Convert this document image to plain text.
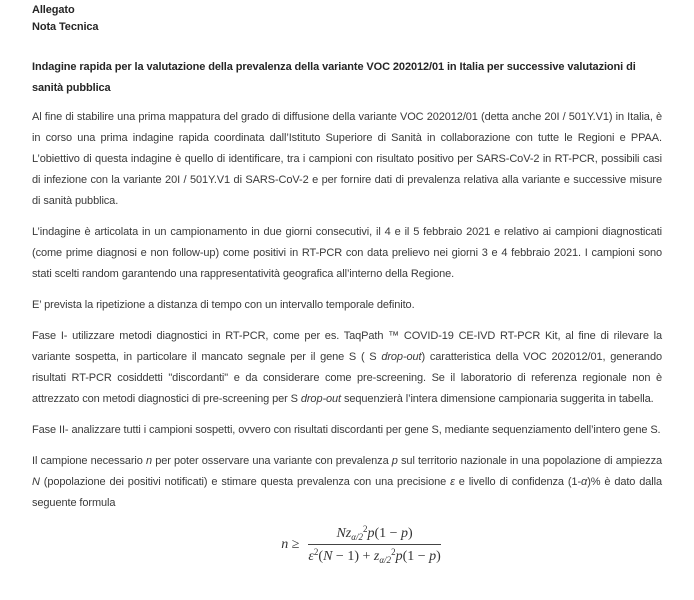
Allegato
Nota Tecnica
Indagine rapida per la valutazione della prevalenza della variante VOC 202012/01 in Italia per successive valutazioni di sanità pubblica
Al fine di stabilire una prima mappatura del grado di diffusione della variante VOC 202012/01 (detta anche 20I / 501Y.V1) in Italia, è in corso una prima indagine rapida coordinata dall’Istituto Superiore di Sanità in collaborazione con tutte le Regioni e PPAA. L’obiettivo di questa indagine è quello di identificare, tra i campioni con risultato positivo per SARS-CoV-2 in RT-PCR, possibili casi di infezione con la variante 20I / 501Y.V1 di SARS-CoV-2 e per fornire dati di prevalenza relativa alla variante e successive misure di sanità pubblica.
L’indagine è articolata in un campionamento in due giorni consecutivi, il 4 e il 5 febbraio 2021 e relativo ai campioni diagnosticati (come prime diagnosi e non follow-up) come positivi in RT-PCR con data prelievo nei giorni 3 e 4 febbraio 2021. I campioni sono stati scelti random garantendo una rappresentatività geografica all’interno della Regione.
E’ prevista la ripetizione a distanza di tempo con un intervallo temporale definito.
Fase I- utilizzare metodi diagnostici in RT-PCR, come per es. TaqPath ™ COVID-19 CE-IVD RT-PCR Kit, al fine di rilevare la variante sospetta, in particolare il mancato segnale per il gene S ( S drop-out) caratteristica della VOC 202012/01, generando risultati RT-PCR cosiddetti "discordanti" e da considerare come pre-screening. Se il laboratorio di referenza regionale non è attrezzato con metodi diagnostici di pre-screening per S drop-out sequenzierà l’intera dimensione campionaria suggerita in tabella.
Fase II- analizzare tutti i campioni sospetti, ovvero con risultati discordanti per gene S, mediante sequenziamento dell’intero gene S.
Il campione necessario n per poter osservare una variante con prevalenza p sul territorio nazionale in una popolazione di ampiezza N (popolazione dei positivi notificati) e stimare questa prevalenza con una precisione ε e livello di confidenza (1-α)% è dato dalla seguente formula
$n \ge \frac{Nz_{\alpha/2}^2p(1 - p)}{\varepsilon^2(N - 1) + z_{\alpha/2}^2p(1 - p)}$
